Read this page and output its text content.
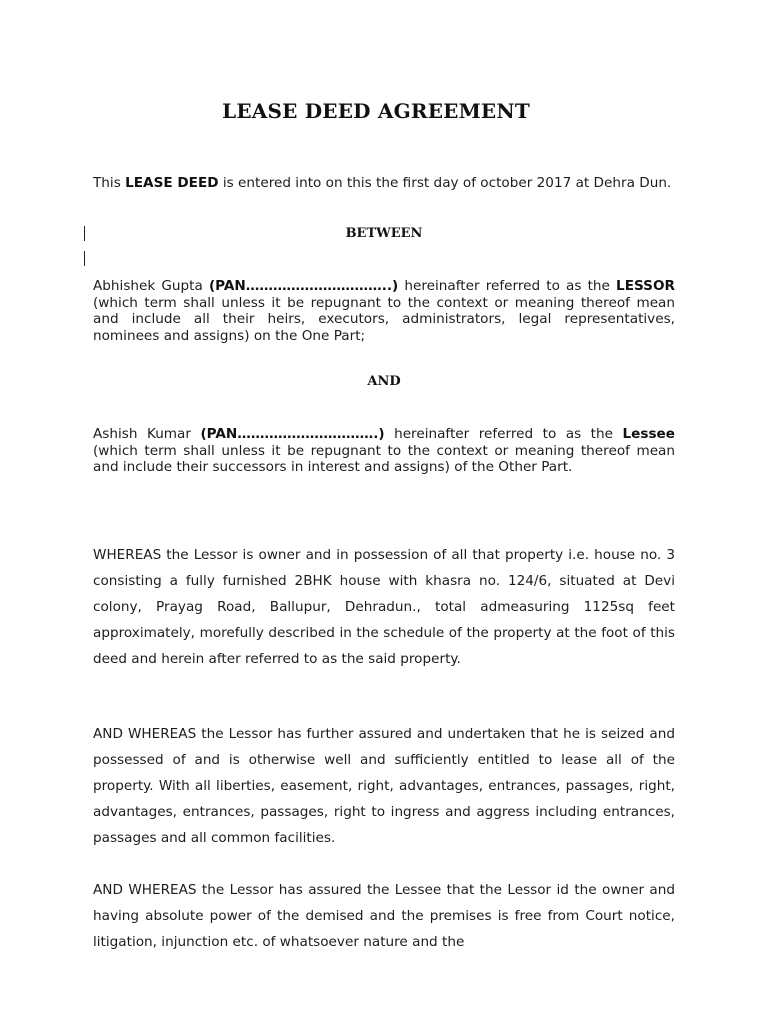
LEASE DEED AGREEMENT
This LEASE DEED is entered into on this the first day of october 2017 at Dehra Dun.
BETWEEN
Abhishek Gupta (PAN…………………………..) hereinafter referred to as the LESSOR (which term shall unless it be repugnant to the context or meaning thereof mean and include all their heirs, executors, administrators, legal representatives, nominees and assigns) on the One Part;
AND
Ashish Kumar (PAN………………………….) hereinafter referred to as the Lessee (which term shall unless it be repugnant to the context or meaning thereof mean and include their successors in interest and assigns) of the Other Part.
WHEREAS the Lessor is owner and in possession of all that property i.e. house no. 3 consisting a fully furnished 2BHK house with khasra no. 124/6, situated at Devi colony, Prayag Road, Ballupur, Dehradun., total admeasuring 1125sq feet approximately, morefully described in the schedule of the property at the foot of this deed and herein after referred to as the said property.
AND WHEREAS the Lessor has further assured and undertaken that he is seized and possessed of and is otherwise well and sufficiently entitled to lease all of the property. With all liberties, easement, right, advantages, entrances, passages, right, advantages, entrances, passages, right to ingress and aggress including entrances, passages and all common facilities.
AND WHEREAS the Lessor has assured the Lessee that the Lessor id the owner and having absolute power of the demised and the premises is free from Court notice, litigation, injunction etc. of whatsoever nature and the
